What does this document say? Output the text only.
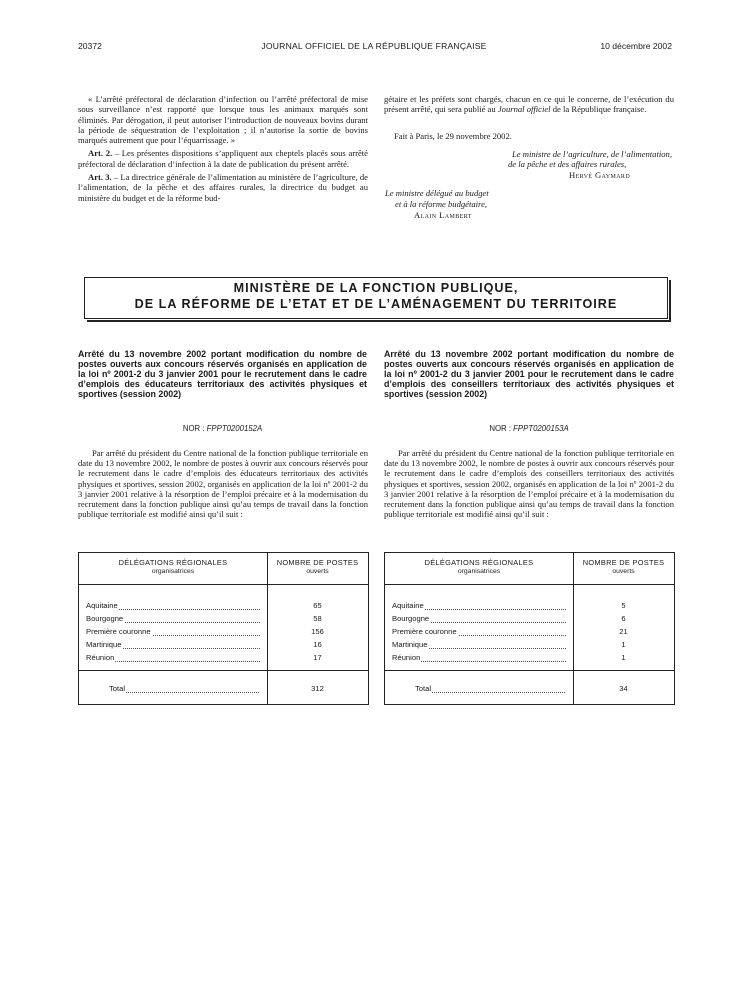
20372	JOURNAL OFFICIEL DE LA RÉPUBLIQUE FRANÇAISE	10 décembre 2002

« L’arrêté préfectoral de déclaration d’infection ou l’arrêté préfectoral de mise sous surveillance n’est rapporté que lorsque tous les animaux marqués sont éliminés. Par dérogation, il peut autoriser l’introduction de nouveaux bovins durant la période de séquestration de l’exploitation ; il n’autorise la sortie de bovins marqués autrement que pour l’équarrissage. »

Art. 2. – Les présentes dispositions s’appliquent aux cheptels placés sous arrêté préfectoral de déclaration d’infection à la date de publication du présent arrêté.

Art. 3. – La directrice générale de l’alimentation au ministère de l’agriculture, de l’alimentation, de la pêche et des affaires rurales, la directrice du budget au ministère du budget et de la réforme bud-

gétaire et les préfets sont chargés, chacun en ce qui le concerne, de l’exécution du présent arrêté, qui sera publié au Journal officiel de la République française.

Fait à Paris, le 29 novembre 2002.
Le ministre de l’agriculture, de l’alimentation,
de la pêche et des affaires rurales,
Hervé Gaymard
Le ministre délégué au budget
et à la réforme budgétaire,
Alain Lambert
MINISTÈRE DE LA FONCTION PUBLIQUE,
DE LA RÉFORME DE L’ETAT ET DE L’AMÉNAGEMENT DU TERRITOIRE
Arrêté du 13 novembre 2002 portant modification du nombre de postes ouverts aux concours réservés organisés en application de la loi nº 2001-2 du 3 janvier 2001 pour le recrutement dans le cadre d’emplois des éducateurs territoriaux des activités physiques et sportives (session 2002)
NOR : FPPT0200152A
Par arrêté du président du Centre national de la fonction publique territoriale en date du 13 novembre 2002, le nombre de postes à ouvrir aux concours réservés pour le recrutement dans le cadre d’emplois des éducateurs territoriaux des activités physiques et sportives, session 2002, organisés en application de la loi nº 2001-2 du 3 janvier 2001 relative à la résorption de l’emploi précaire et à la modernisation du recrutement dans la fonction publique ainsi qu’au temps de travail dans la fonction publique territoriale est modifié ainsi qu’il suit :
DÉLÉGATIONS RÉGIONALES
organisatrices
NOMBRE DE POSTES
ouverts
Aquitaine	65
Bourgogne	58
Première couronne	156
Martinique	16
Réunion	17
Total	312
Arrêté du 13 novembre 2002 portant modification du nombre de postes ouverts aux concours réservés organisés en application de la loi nº 2001-2 du 3 janvier 2001 pour le recrutement dans le cadre d’emplois des conseillers territoriaux des activités physiques et sportives (session 2002)
NOR : FPPT0200153A
Par arrêté du président du Centre national de la fonction publique territoriale en date du 13 novembre 2002, le nombre de postes à ouvrir aux concours réservés pour le recrutement dans le cadre d’emplois des conseillers territoriaux des activités physiques et sportives, session 2002, organisés en application de la loi nº 2001-2 du 3 janvier 2001 relative à la résorption de l’emploi précaire et à la modernisation du recrutement dans la fonction publique ainsi qu’au temps de travail dans la fonction publique territoriale est modifié ainsi qu’il suit :
DÉLÉGATIONS RÉGIONALES
organisatrices
NOMBRE DE POSTES
ouverts
Aquitaine	5
Bourgogne	6
Première couronne	21
Martinique	1
Réunion	1
Total	34
